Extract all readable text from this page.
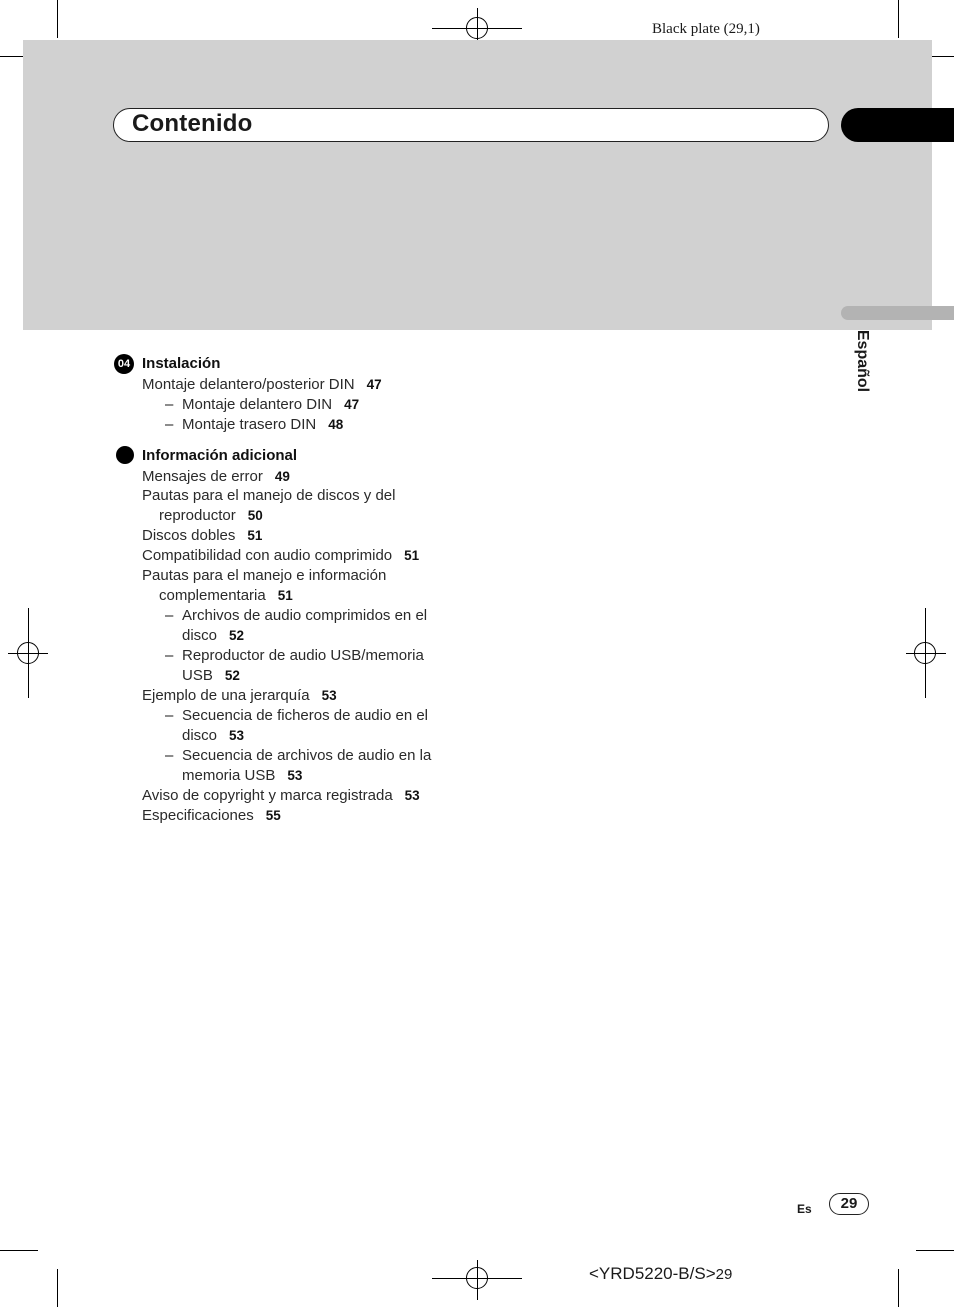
Black plate (29,1)
Contenido
Español
04 Instalación
Montaje delantero/posterior DIN 47
– Montaje delantero DIN 47
– Montaje trasero DIN 48
Información adicional
Mensajes de error 49
Pautas para el manejo de discos y del
reproductor 50
Discos dobles 51
Compatibilidad con audio comprimido 51
Pautas para el manejo e información
complementaria 51
– Archivos de audio comprimidos en el
disco 52
– Reproductor de audio USB/memoria
USB 52
Ejemplo de una jerarquía 53
– Secuencia de ficheros de audio en el
disco 53
– Secuencia de archivos de audio en la
memoria USB 53
Aviso de copyright y marca registrada 53
Especificaciones 55
Es	29
<YRD5220-B/S>29
